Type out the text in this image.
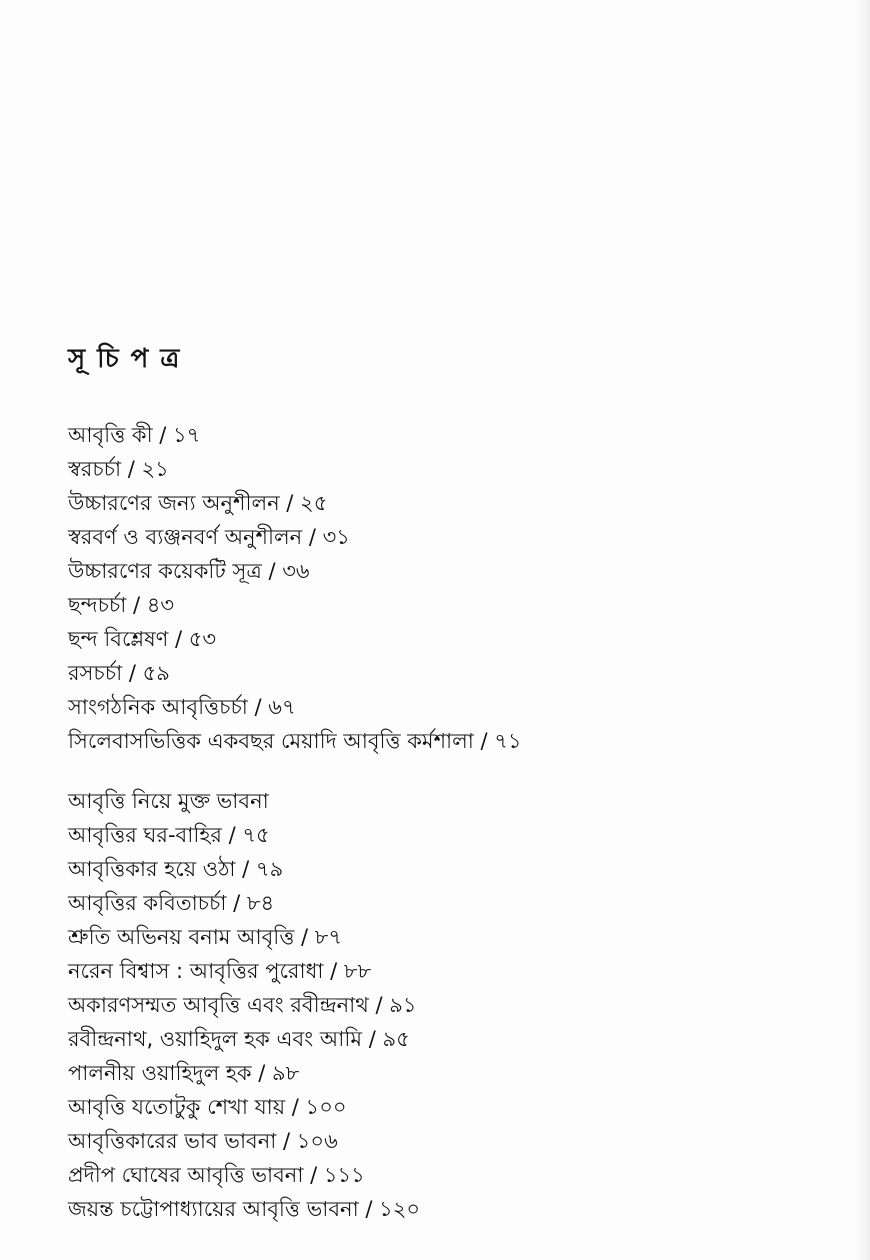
সূচিপত্র
আবৃত্তি কী / ১৭
স্বরচর্চা / ২১
উচ্চারণের জন্য অনুশীলন / ২৫
স্বরবর্ণ ও ব্যঞ্জনবর্ণ অনুশীলন / ৩১
উচ্চারণের কয়েকটি সূত্র / ৩৬
ছন্দচর্চা / ৪৩
ছন্দ বিশ্লেষণ / ৫৩
রসচর্চা / ৫৯
সাংগঠনিক আবৃত্তিচর্চা / ৬৭
সিলেবাসভিত্তিক একবছর মেয়াদি আবৃত্তি কর্মশালা / ৭১
আবৃত্তি নিয়ে মুক্ত ভাবনা
আবৃত্তির ঘর-বাহির / ৭৫
আবৃত্তিকার হয়ে ওঠা / ৭৯
আবৃত্তির কবিতাচর্চা / ৮৪
শ্রুতি অভিনয় বনাম আবৃত্তি / ৮৭
নরেন বিশ্বাস : আবৃত্তির পুরোধা / ৮৮
অকারণসম্মত আবৃত্তি এবং রবীন্দ্রনাথ / ৯১
রবীন্দ্রনাথ, ওয়াহিদুল হক এবং আমি / ৯৫
পালনীয় ওয়াহিদুল হক / ৯৮
আবৃত্তি যতোটুকু শেখা যায় / ১০০
আবৃত্তিকারের ভাব ভাবনা / ১০৬
প্রদীপ ঘোষের আবৃত্তি ভাবনা / ১১১
জয়ন্ত চট্টোপাধ্যায়ের আবৃত্তি ভাবনা / ১২০
